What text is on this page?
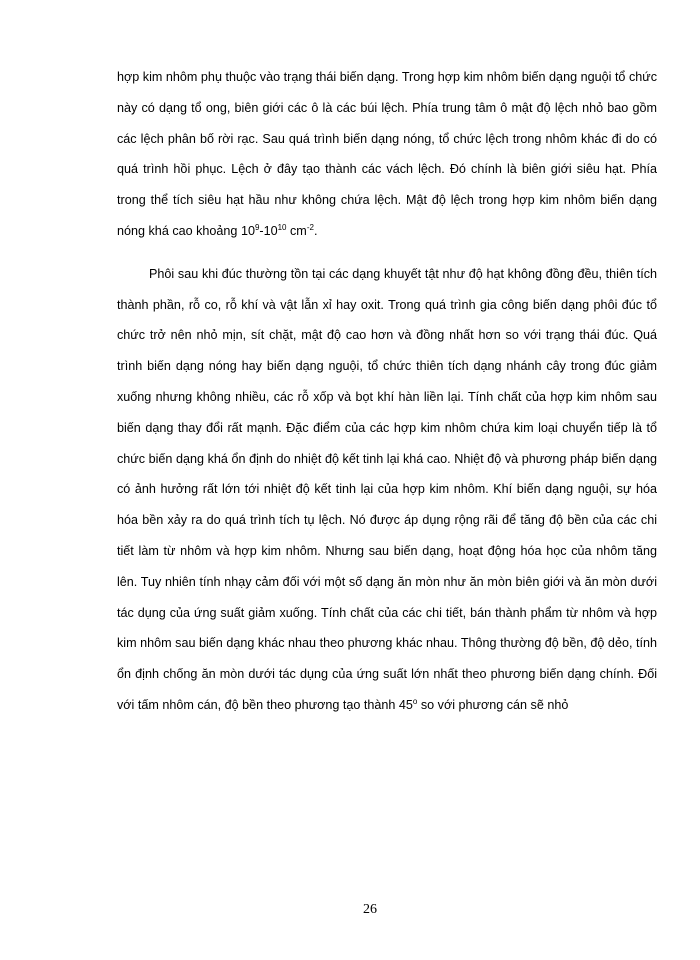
hợp kim nhôm phụ thuộc vào trạng thái biến dạng. Trong hợp kim nhôm biến dạng nguội tổ chức này có dạng tổ ong, biên giới các ô là các búi lệch. Phía trung tâm ô mật độ lệch nhỏ bao gồm các lệch phân bố rời rạc. Sau quá trình biến dạng nóng, tổ chức lệch trong nhôm khác đi do có quá trình hồi phục. Lệch ở đây tạo thành các vách lệch. Đó chính là biên giới siêu hạt. Phía trong thể tích siêu hạt hầu như không chứa lệch. Mật độ lệch trong hợp kim nhôm biến dạng nóng khá cao khoảng $10^9-10^{10}$ $cm^{-2}$.

Phôi sau khi đúc thường tồn tại các dạng khuyết tật như độ hạt không đồng đều, thiên tích thành phần, rỗ co, rỗ khí và vật lẫn xỉ hay oxit. Trong quá trình gia công biến dạng phôi đúc tổ chức trở nên nhỏ mịn, sít chặt, mật độ cao hơn và đồng nhất hơn so với trạng thái đúc. Quá trình biến dạng nóng hay biến dạng nguội, tổ chức thiên tích dạng nhánh cây trong đúc giảm xuống nhưng không nhiều, các rỗ xốp và bọt khí hàn liền lại. Tính chất của hợp kim nhôm sau biến dạng thay đổi rất mạnh. Đặc điểm của các hợp kim nhôm chứa kim loại chuyển tiếp là tổ chức biến dạng khá ổn định do nhiệt độ kết tinh lại khá cao. Nhiệt độ và phương pháp biến dạng có ảnh hưởng rất lớn tới nhiệt độ kết tinh lại của hợp kim nhôm. Khí biến dạng nguội, sự hóa hóa bền xảy ra do quá trình tích tụ lệch. Nó được áp dụng rộng rãi để tăng độ bền của các chi tiết làm từ nhôm và hợp kim nhôm. Nhưng sau biến dạng, hoạt động hóa học của nhôm tăng lên. Tuy nhiên tính nhạy cảm đối với một số dạng ăn mòn như ăn mòn biên giới và ăn mòn dưới tác dụng của ứng suất giảm xuống. Tính chất của các chi tiết, bán thành phẩm từ nhôm và hợp kim nhôm sau biến dạng khác nhau theo phương khác nhau. Thông thường độ bền, độ dẻo, tính ổn định chống ăn mòn dưới tác dụng của ứng suất lớn nhất theo phương biến dạng chính. Đối với tấm nhôm cán, độ bền theo phương tạo thành 45$^o$ so với phương cán sẽ nhỏ

26
